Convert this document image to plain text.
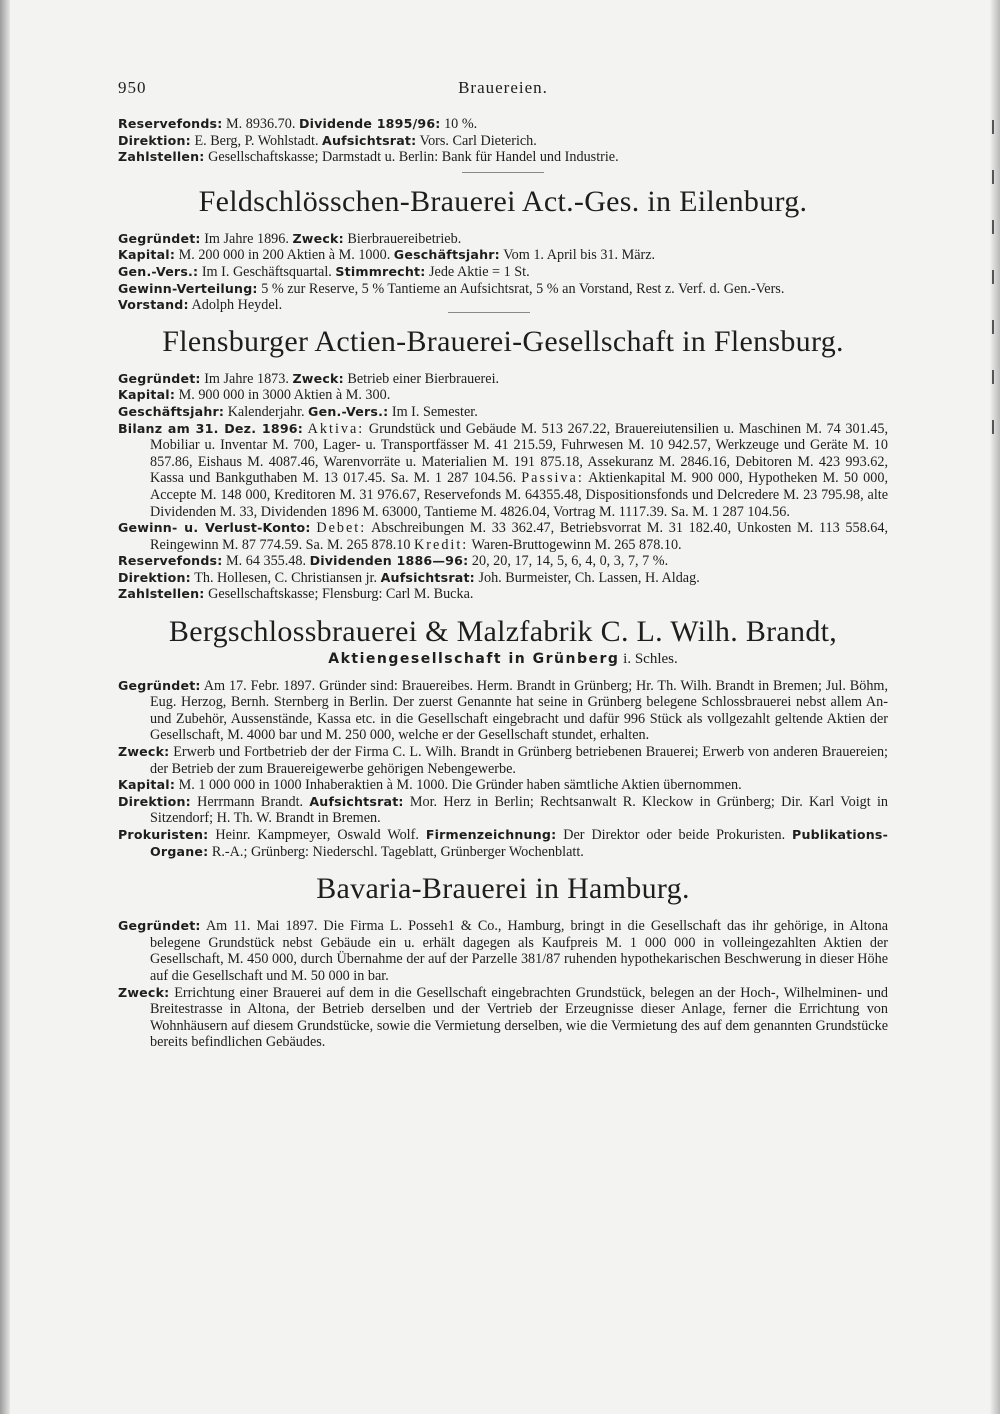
950	Brauereien.

Reservefonds: M. 8936.70. Dividende 1895/96: 10 %.

Direktion: E. Berg, P. Wohlstadt. Aufsichtsrat: Vors. Carl Dieterich.

Zahlstellen: Gesellschaftskasse; Darmstadt u. Berlin: Bank für Handel und Industrie.

Feldschlösschen-Brauerei Act.-Ges. in Eilenburg.

Gegründet: Im Jahre 1896. Zweck: Bierbrauereibetrieb.

Kapital: M. 200 000 in 200 Aktien à M. 1000. Geschäftsjahr: Vom 1. April bis 31. März.

Gen.-Vers.: Im I. Geschäftsquartal. Stimmrecht: Jede Aktie = 1 St.

Gewinn-Verteilung: 5 % zur Reserve, 5 % Tantieme an Aufsichtsrat, 5 % an Vorstand, Rest z. Verf. d. Gen.-Vers.

Vorstand: Adolph Heydel.

Flensburger Actien-Brauerei-Gesellschaft in Flensburg.

Gegründet: Im Jahre 1873. Zweck: Betrieb einer Bierbrauerei.

Kapital: M. 900 000 in 3000 Aktien à M. 300.

Geschäftsjahr: Kalenderjahr. Gen.-Vers.: Im I. Semester.

Bilanz am 31. Dez. 1896: Aktiva: Grundstück und Gebäude M. 513 267.22, Brauereiutensilien u. Maschinen M. 74 301.45, Mobiliar u. Inventar M. 700, Lager- u. Transportfässer M. 41 215.59, Fuhrwesen M. 10 942.57, Werkzeuge und Geräte M. 10 857.86, Eishaus M. 4087.46, Warenvorräte u. Materialien M. 191 875.18, Assekuranz M. 2846.16, Debitoren M. 423 993.62, Kassa und Bankguthaben M. 13 017.45. Sa. M. 1 287 104.56. Passiva: Aktienkapital M. 900 000, Hypotheken M. 50 000, Accepte M. 148 000, Kreditoren M. 31 976.67, Reservefonds M. 64355.48, Dispositionsfonds und Delcredere M. 23 795.98, alte Dividenden M. 33, Dividenden 1896 M. 63000, Tantieme M. 4826.04, Vortrag M. 1117.39. Sa. M. 1 287 104.56.

Gewinn- u. Verlust-Konto: Debet: Abschreibungen M. 33 362.47, Betriebsvorrat M. 31 182.40, Unkosten M. 113 558.64, Reingewinn M. 87 774.59. Sa. M. 265 878.10 Kredit: Waren-Bruttogewinn M. 265 878.10.

Reservefonds: M. 64 355.48. Dividenden 1886—96: 20, 20, 17, 14, 5, 6, 4, 0, 3, 7, 7 %.

Direktion: Th. Hollesen, C. Christiansen jr. Aufsichtsrat: Joh. Burmeister, Ch. Lassen, H. Aldag.

Zahlstellen: Gesellschaftskasse; Flensburg: Carl M. Bucka.

Bergschlossbrauerei & Malzfabrik C. L. Wilh. Brandt,
Aktiengesellschaft in Grünberg i. Schles.

Gegründet: Am 17. Febr. 1897. Gründer sind: Brauereibes. Herm. Brandt in Grünberg; Hr. Th. Wilh. Brandt in Bremen; Jul. Böhm, Eug. Herzog, Bernh. Sternberg in Berlin. Der zuerst Genannte hat seine in Grünberg belegene Schlossbrauerei nebst allem An- und Zubehör, Aussenstände, Kassa etc. in die Gesellschaft eingebracht und dafür 996 Stück als vollgezahlt geltende Aktien der Gesellschaft, M. 4000 bar und M. 250 000, welche er der Gesellschaft stundet, erhalten.

Zweck: Erwerb und Fortbetrieb der der Firma C. L. Wilh. Brandt in Grünberg betriebenen Brauerei; Erwerb von anderen Brauereien; der Betrieb der zum Brauereigewerbe gehörigen Nebengewerbe.

Kapital: M. 1 000 000 in 1000 Inhaberaktien à M. 1000. Die Gründer haben sämtliche Aktien übernommen.

Direktion: Herrmann Brandt. Aufsichtsrat: Mor. Herz in Berlin; Rechtsanwalt R. Kleckow in Grünberg; Dir. Karl Voigt in Sitzendorf; H. Th. W. Brandt in Bremen.

Prokuristen: Heinr. Kampmeyer, Oswald Wolf. Firmenzeichnung: Der Direktor oder beide Prokuristen. Publikations-Organe: R.-A.; Grünberg: Niederschl. Tageblatt, Grünberger Wochenblatt.

Bavaria-Brauerei in Hamburg.

Gegründet: Am 11. Mai 1897. Die Firma L. Posseh1 & Co., Hamburg, bringt in die Gesellschaft das ihr gehörige, in Altona belegene Grundstück nebst Gebäude ein u. erhält dagegen als Kaufpreis M. 1 000 000 in volleingezahlten Aktien der Gesellschaft, M. 450 000, durch Übernahme der auf der Parzelle 381/87 ruhenden hypothekarischen Beschwerung in dieser Höhe auf die Gesellschaft und M. 50 000 in bar.

Zweck: Errichtung einer Brauerei auf dem in die Gesellschaft eingebrachten Grundstück, belegen an der Hoch-, Wilhelminen- und Breitestrasse in Altona, der Betrieb derselben und der Vertrieb der Erzeugnisse dieser Anlage, ferner die Errichtung von Wohnhäusern auf diesem Grundstücke, sowie die Vermietung derselben, wie die Vermietung des auf dem genannten Grundstücke bereits befindlichen Gebäudes.
